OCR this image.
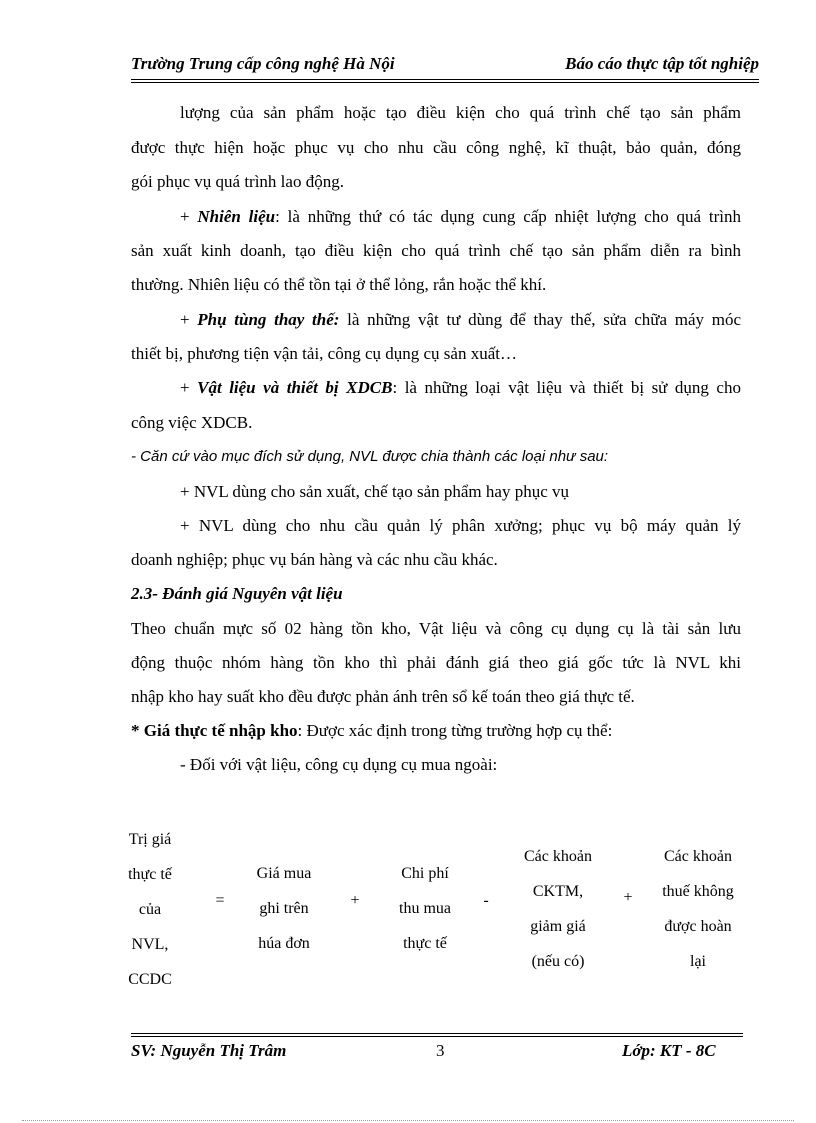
Trường Trung cấp công nghệ Hà Nội	Báo cáo thực tập tốt nghiệp
lượng của sản phẩm hoặc tạo điều kiện cho quá trình chế tạo sản phẩm
được thực hiện hoặc phục vụ cho nhu cầu công nghệ, kĩ thuật, bảo quản, đóng
gói phục vụ quá trình lao động.
+ Nhiên liệu: là những thứ có tác dụng cung cấp nhiệt lượng cho quá trình
sản xuất kinh doanh, tạo điều kiện cho quá trình chế tạo sản phẩm diễn ra bình
thường. Nhiên liệu có thể tồn tại ở thể lỏng, rắn hoặc thể khí.
+ Phụ tùng thay thế: là những vật tư dùng để thay thế, sửa chữa máy móc
thiết bị, phương tiện vận tải, công cụ dụng cụ sản xuất…
+ Vật liệu và thiết bị XDCB: là những loại vật liệu và thiết bị sử dụng cho
công việc XDCB.
- Căn cứ vào mục đích sử dụng, NVL được chia thành các loại như sau:
+ NVL dùng cho sản xuất, chế tạo sản phẩm hay phục vụ
+ NVL dùng cho nhu cầu quản lý phân xưởng; phục vụ bộ máy quản lý
doanh nghiệp; phục vụ bán hàng và các nhu cầu khác.
2.3- Đánh giá Nguyên vật liệu
Theo chuẩn mực số 02 hàng tồn kho, Vật liệu và công cụ dụng cụ là tài sản lưu
động thuộc nhóm hàng tồn kho thì phải đánh giá theo giá gốc tức là NVL khi
nhập kho hay suất kho đều được phản ánh trên sổ kế toán theo giá thực tế.
* Giá thực tế nhập kho: Được xác định trong từng trường hợp cụ thể:
- Đối với vật liệu, công cụ dụng cụ mua ngoài:
Trị giá
thực tế
của
NVL,
CCDC
=
Giá mua
ghi trên
húa đơn
+
Chi phí
thu mua
thực tế
-
Các khoản
CKTM,
giảm giá
(nếu có)
+
Các khoản
thuế không
được hoàn
lại
SV: Nguyễn Thị Trâm	3	Lớp: KT - 8C
